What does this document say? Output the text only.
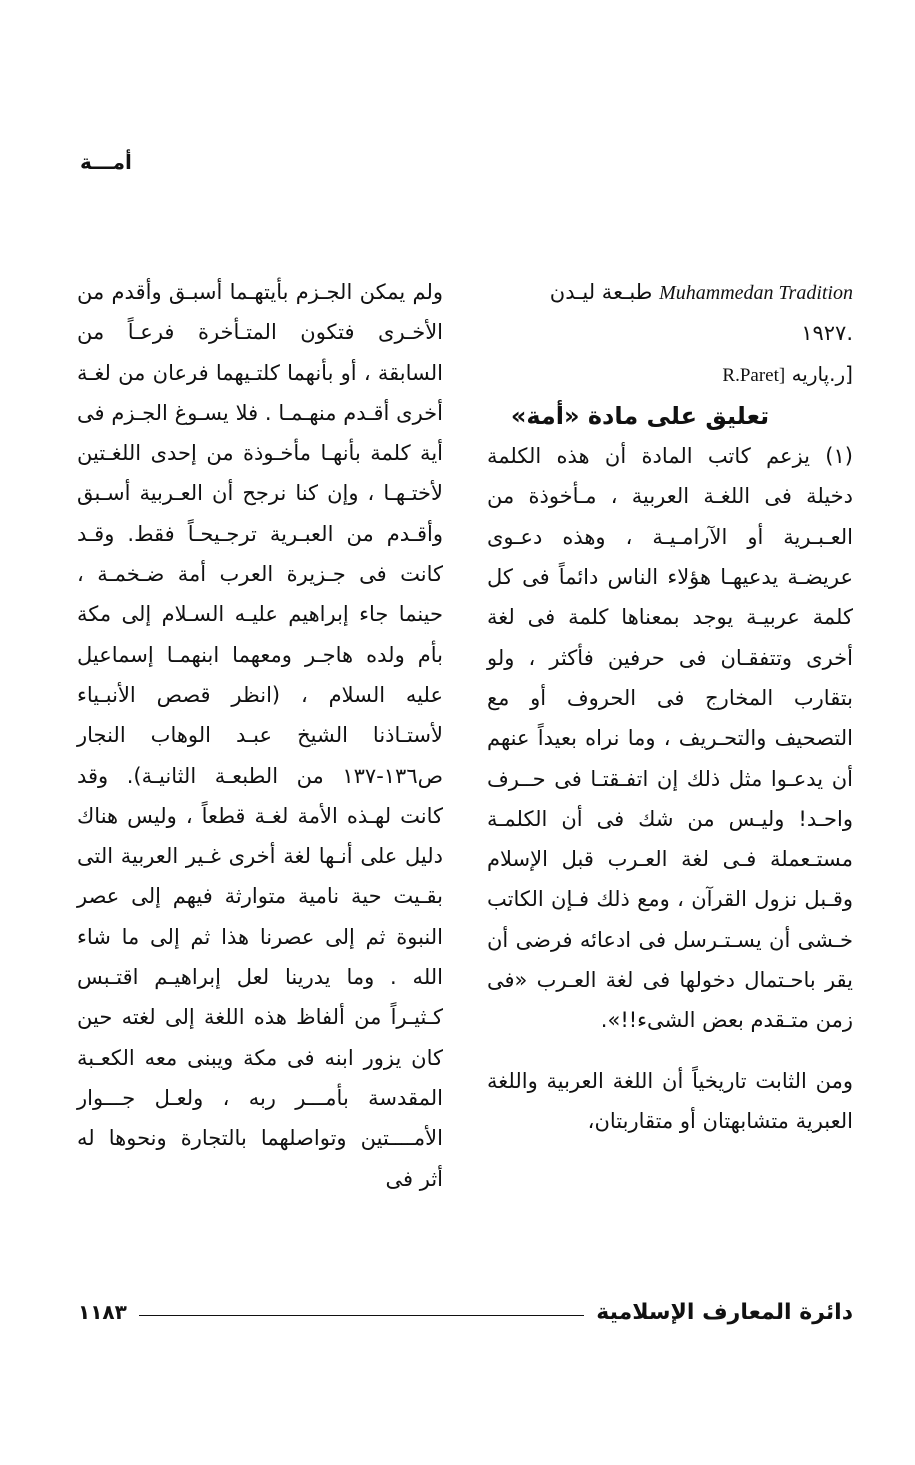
أمـــة

Muhammedan Tradition طبـعة ليـدن

.١٩٢٧

[ر.پاريه R.Paret]

تعليق على مادة «أمة»

(١) يزعم كاتب المادة أن هذه الكلمة دخيلة فى اللغـة العربية ، مـأخوذة من العـبـرية أو الآرامـيـة ، وهذه دعـوى عريضـة يدعيهـا هؤلاء الناس دائماً فى كل كلمة عربيـة يوجد بمعناها كلمة فى لغة أخرى وتتفقـان فى حرفين فأكثر ، ولو بتقارب المخارج فى الحروف أو مع التصحيف والتحـريف ، وما نراه بعيداً عنهم أن يدعـوا مثل ذلك إن اتفـقتـا فى حــرف واحـد! وليـس من شك فى أن الكلمـة مستـعملة فـى لغة العـرب قبل الإسلام وقـبل نزول القرآن ، ومع ذلك فـإن الكاتب خـشى أن يسـتـرسل فى ادعائه فرضى أن يقر باحـتمال دخولها فى لغة العـرب «فى زمن متـقدم بعض الشىء!!».

ومن الثابت تاريخياً أن اللغة العربية واللغة العبرية متشابهتان أو متقاربتان،

ولم يمكن الجـزم بأيتهـما أسبـق وأقدم من الأخـرى فتكون المتـأخرة فرعـاً من السابقة ، أو بأنهما كلتـيهما فرعان من لغـة أخرى أقـدم منهـمـا . فلا يسـوغ الجـزم فى أية كلمة بأنهـا مأخـوذة من إحدى اللغـتين لأختـهـا ، وإن كنا نرجح أن العـربية أسـبق وأقـدم من العبـرية ترجـيحـاً فقط. وقـد كانت فى جـزيرة العرب أمة ضـخمـة ، حينما جاء إبراهيم عليـه السـلام إلى مكة بأم ولده هاجـر ومعهما ابنهمـا إسماعيل عليه السلام ، (انظر قصص الأنبـياء لأستـاذنا الشيخ عبـد الوهاب النجار ص١٣٦-١٣٧ من الطبعـة الثانيـة). وقد كانت لهـذه الأمة لغـة قطعاً ، وليس هناك دليل على أنـها لغة أخرى غـير العربية التى بقـيت حية نامية متوارثة فيهم إلى عصر النبوة ثم إلى عصرنا هذا ثم إلى ما شاء الله . وما يدرينا لعل إبراهيـم اقتـبس كـثيـراً من ألفاظ هذه اللغة إلى لغته حين كان يزور ابنه فى مكة ويبنى معه الكعـبة المقدسة بأمـــر ربه ، ولعـل جـــوار الأمــــتين وتواصلهما بالتجارة ونحوها له أثر فى

دائرة المعارف الإسلامية
١١٨٣
